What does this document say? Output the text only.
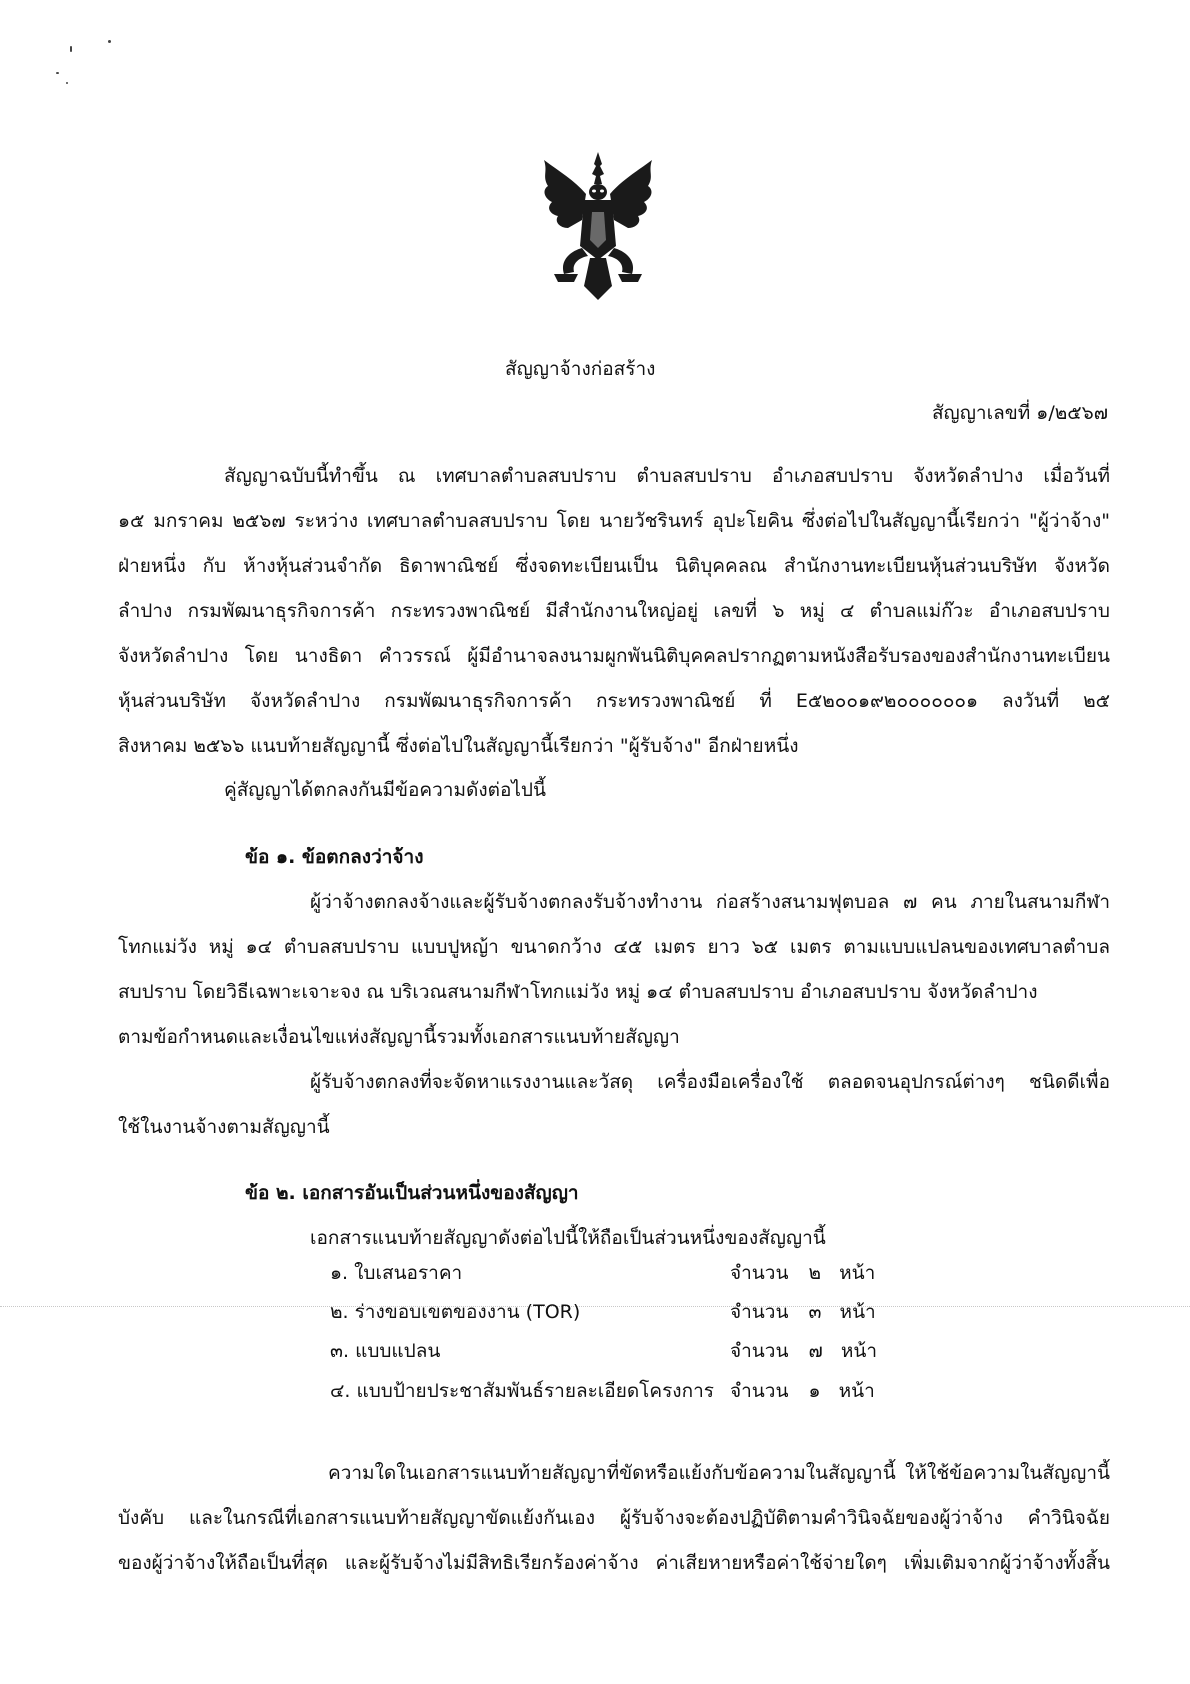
สัญญาจ้างก่อสร้าง
สัญญาเลขที่ ๑/๒๕๖๗
สัญญาฉบับนี้ทำขึ้น ณ เทศบาลตำบลสบปราบ ตำบลสบปราบ อำเภอสบปราบ จังหวัดลำปาง เมื่อวันที่
๑๕ มกราคม ๒๕๖๗ ระหว่าง เทศบาลตำบลสบปราบ โดย นายวัชรินทร์ อุปะโยคิน ซึ่งต่อไปในสัญญานี้เรียกว่า "ผู้ว่าจ้าง"
ฝ่ายหนึ่ง กับ ห้างหุ้นส่วนจำกัด ธิดาพาณิชย์ ซึ่งจดทะเบียนเป็น นิติบุคคลณ สำนักงานทะเบียนหุ้นส่วนบริษัท จังหวัด
ลำปาง กรมพัฒนาธุรกิจการค้า กระทรวงพาณิชย์ มีสำนักงานใหญ่อยู่ เลขที่ ๖ หมู่ ๔ ตำบลแม่ก๊วะ อำเภอสบปราบ
จังหวัดลำปาง โดย นางธิดา คำวรรณ์ ผู้มีอำนาจลงนามผูกพันนิติบุคคลปรากฏตามหนังสือรับรองของสำนักงานทะเบียน
หุ้นส่วนบริษัท จังหวัดลำปาง กรมพัฒนาธุรกิจการค้า กระทรวงพาณิชย์ ที่ E๕๒๐๐๑๙๒๐๐๐๐๐๐๑ ลงวันที่ ๒๕
สิงหาคม ๒๕๖๖ แนบท้ายสัญญานี้ ซึ่งต่อไปในสัญญานี้เรียกว่า "ผู้รับจ้าง" อีกฝ่ายหนึ่ง
คู่สัญญาได้ตกลงกันมีข้อความดังต่อไปนี้
ข้อ ๑. ข้อตกลงว่าจ้าง
ผู้ว่าจ้างตกลงจ้างและผู้รับจ้างตกลงรับจ้างทำงาน ก่อสร้างสนามฟุตบอล ๗ คน ภายในสนามกีฬา
โทกแม่วัง หมู่ ๑๔ ตำบลสบปราบ แบบปูหญ้า ขนาดกว้าง ๔๕ เมตร ยาว ๖๕ เมตร ตามแบบแปลนของเทศบาลตำบล
สบปราบ โดยวิธีเฉพาะเจาะจง ณ บริเวณสนามกีฬาโทกแม่วัง หมู่ ๑๔ ตำบลสบปราบ อำเภอสบปราบ จังหวัดลำปาง
ตามข้อกำหนดและเงื่อนไขแห่งสัญญานี้รวมทั้งเอกสารแนบท้ายสัญญา
ผู้รับจ้างตกลงที่จะจัดหาแรงงานและวัสดุ เครื่องมือเครื่องใช้ ตลอดจนอุปกรณ์ต่างๆ ชนิดดีเพื่อ
ใช้ในงานจ้างตามสัญญานี้
ข้อ ๒. เอกสารอันเป็นส่วนหนึ่งของสัญญา
เอกสารแนบท้ายสัญญาดังต่อไปนี้ให้ถือเป็นส่วนหนึ่งของสัญญานี้
๑. ใบเสนอราคา	จำนวน ๒ หน้า
๒. ร่างขอบเขตของงาน (TOR)	จำนวน ๓ หน้า
๓. แบบแปลน	จำนวน ๗ หน้า
๔. แบบป้ายประชาสัมพันธ์รายละเอียดโครงการ จำนวน ๑ หน้า
ความใดในเอกสารแนบท้ายสัญญาที่ขัดหรือแย้งกับข้อความในสัญญานี้ ให้ใช้ข้อความในสัญญานี้
บังคับ และในกรณีที่เอกสารแนบท้ายสัญญาขัดแย้งกันเอง ผู้รับจ้างจะต้องปฏิบัติตามคำวินิจฉัยของผู้ว่าจ้าง คำวินิจฉัย
ของผู้ว่าจ้างให้ถือเป็นที่สุด และผู้รับจ้างไม่มีสิทธิเรียกร้องค่าจ้าง ค่าเสียหายหรือค่าใช้จ่ายใดๆ เพิ่มเติมจากผู้ว่าจ้างทั้งสิ้น
